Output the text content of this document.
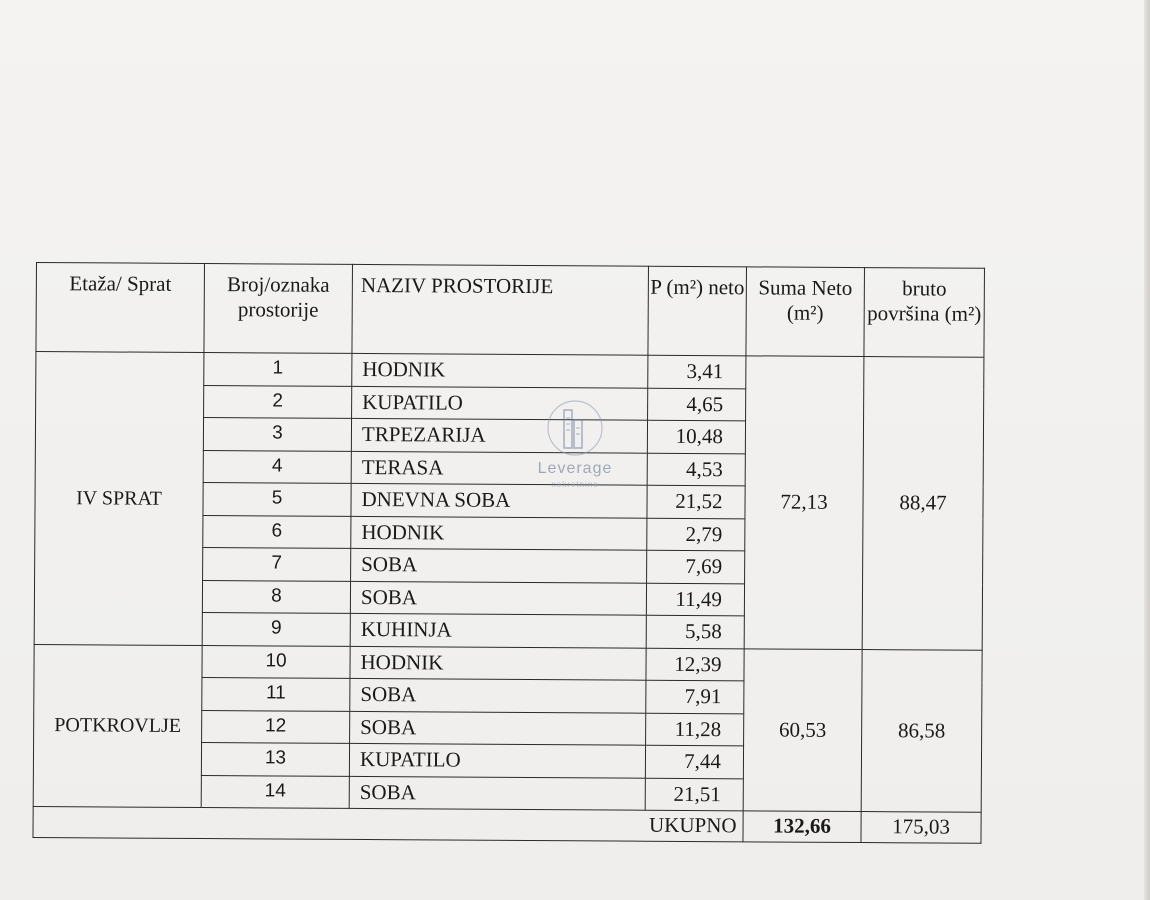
Etaža/ Sprat	Broj/oznaka prostorije	NAZIV PROSTORIJE	P (m²) neto	Suma Neto (m²)	bruto površina (m²)
IV SPRAT	1	HODNIK	3,41	72,13	88,47
	2	KUPATILO	4,65		
	3	TRPEZARIJA	10,48		
	4	TERASA	4,53		
	5	DNEVNA SOBA	21,52		
	6	HODNIK	2,79		
	7	SOBA	7,69		
	8	SOBA	11,49		
	9	KUHINJA	5,58		
POTKROVLJE	10	HODNIK	12,39	60,53	86,58
	11	SOBA	7,91		
	12	SOBA	11,28		
	13	KUPATILO	7,44		
	14	SOBA	21,51		
UKUPNO				132,66	175,03
Leverage
nekretnine
